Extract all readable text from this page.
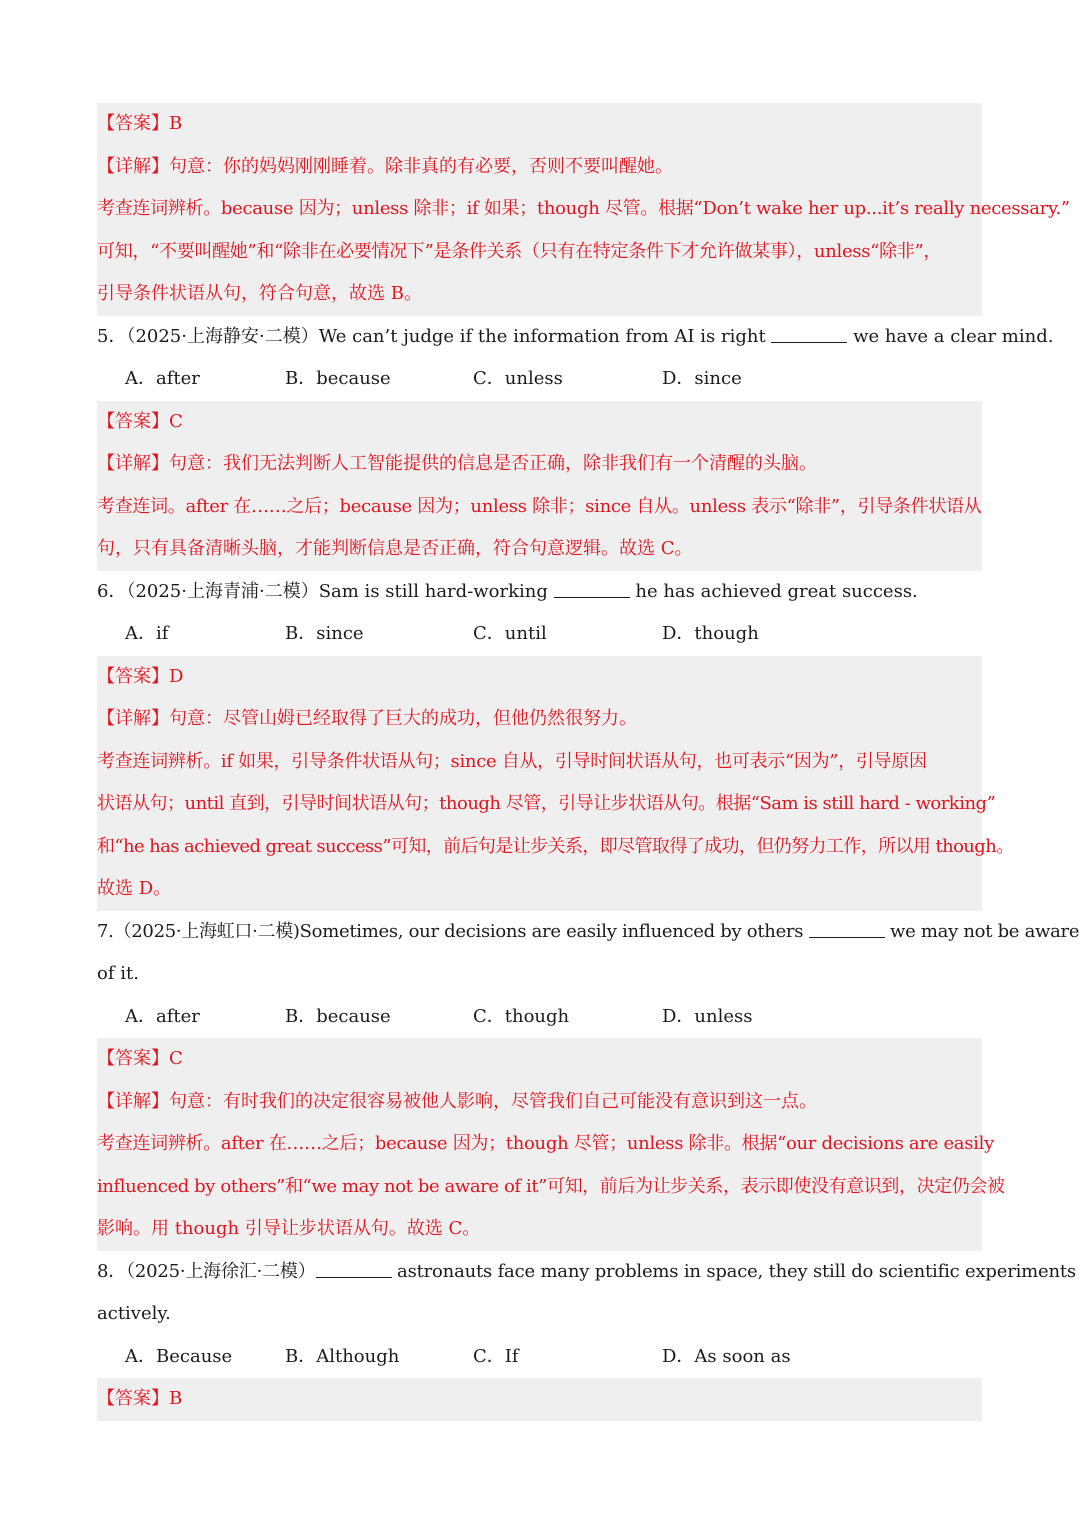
【答案】B
【详解】句意：你的妈妈刚刚睡着。除非真的有必要，否则不要叫醒她。
考查连词辨析。because 因为；unless 除非；if 如果；though 尽管。根据“Don’t wake her up...it’s really necessary.”
可知，“不要叫醒她”和“除非在必要情况下”是条件关系（只有在特定条件下才允许做某事），unless“除非”，
引导条件状语从句，符合句意，故选 B。
5．（2025·上海静安·二模）We can’t judge if the information from AI is right	we have a clear mind.
A．after	B．because	C．unless	D．since
【答案】C
【详解】句意：我们无法判断人工智能提供的信息是否正确，除非我们有一个清醒的头脑。
考查连词。after 在……之后；because 因为；unless 除非；since 自从。unless 表示“除非”，引导条件状语从
句，只有具备清晰头脑，才能判断信息是否正确，符合句意逻辑。故选 C。
6．（2025·上海青浦·二模）Sam is still hard-working	he has achieved great success.
A．if	B．since	C．until	D．though
【答案】D
【详解】句意：尽管山姆已经取得了巨大的成功，但他仍然很努力。
考查连词辨析。if 如果，引导条件状语从句；since 自从，引导时间状语从句，也可表示“因为”，引导原因
状语从句；until 直到，引导时间状语从句；though 尽管，引导让步状语从句。根据“Sam is still hard - working”
和“he has achieved great success”可知，前后句是让步关系，即尽管取得了成功，但仍努力工作，所以用 though。
故选 D。
7.（2025·上海虹口·二模)Sometimes, our decisions are easily influenced by others	we may not be aware
of it.
A．after	B．because	C．though	D．unless
【答案】C
【详解】句意：有时我们的决定很容易被他人影响，尽管我们自己可能没有意识到这一点。
考查连词辨析。after 在……之后；because 因为；though 尽管；unless 除非。根据“our decisions are easily
influenced by others”和“we may not be aware of it”可知，前后为让步关系，表示即使没有意识到，决定仍会被
影响。用 though 引导让步状语从句。故选 C。
8．（2025·上海徐汇·二模）	astronauts face many problems in space, they still do scientific experiments
actively.
A．Because	B．Although	C．If	D．As soon as
【答案】B
